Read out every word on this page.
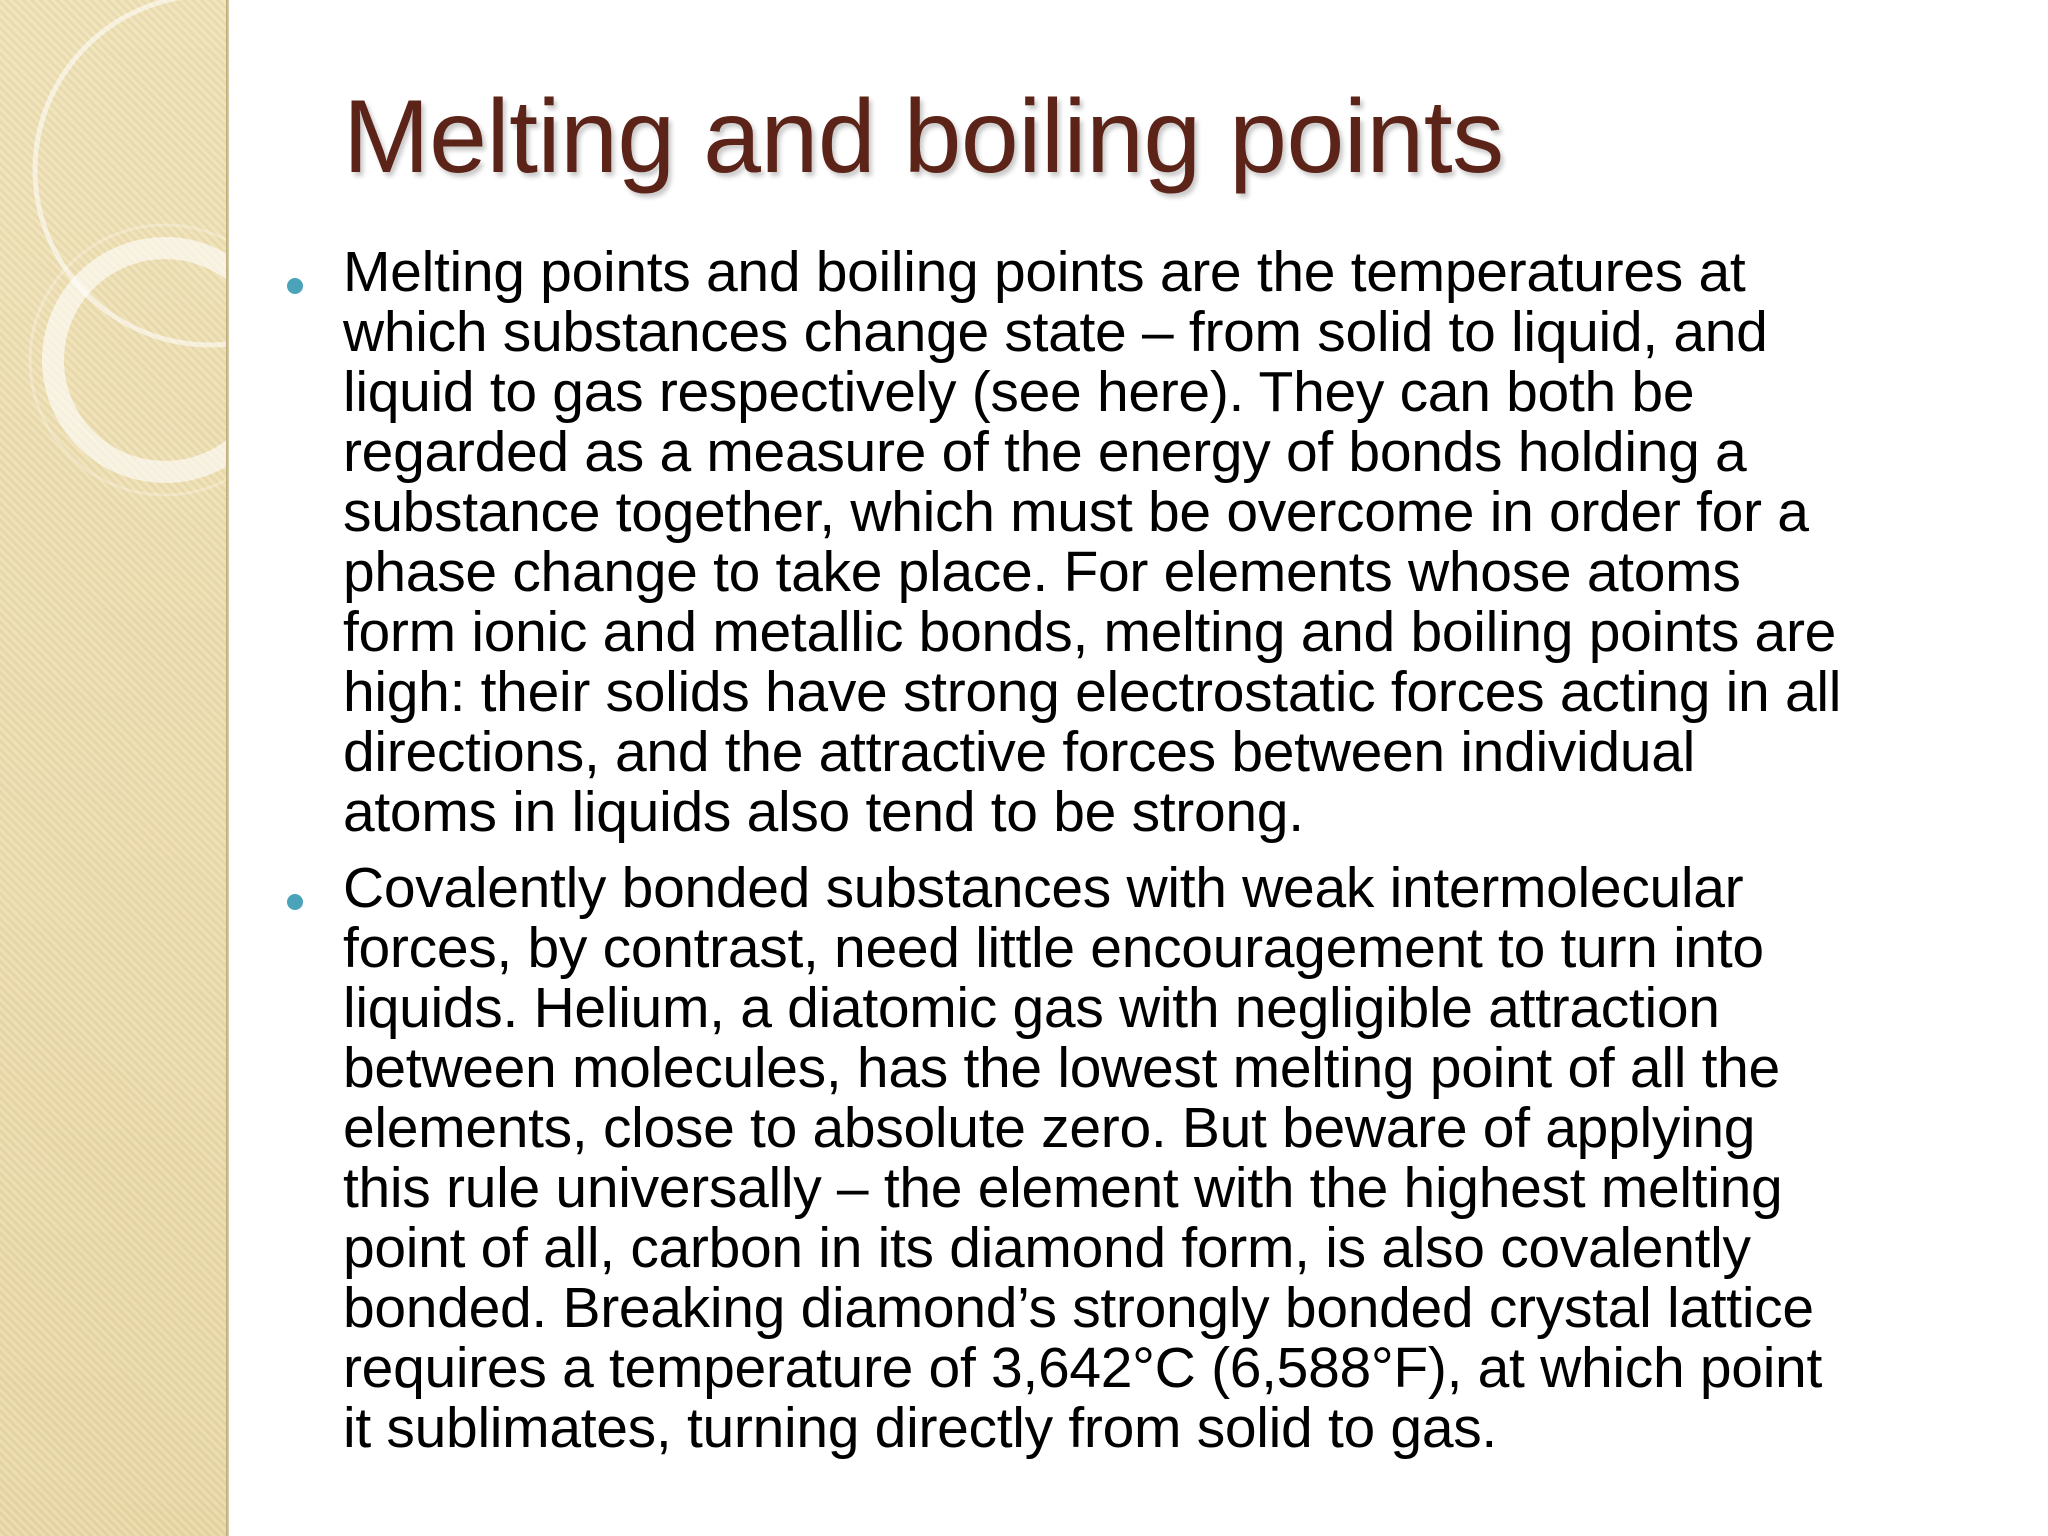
Melting and boiling points
Melting points and boiling points are the temperatures at
which substances change state – from solid to liquid, and
liquid to gas respectively (see here). They can both be
regarded as a measure of the energy of bonds holding a
substance together, which must be overcome in order for a
phase change to take place. For elements whose atoms
form ionic and metallic bonds, melting and boiling points are
high: their solids have strong electrostatic forces acting in all
directions, and the attractive forces between individual
atoms in liquids also tend to be strong.
Covalently bonded substances with weak intermolecular
forces, by contrast, need little encouragement to turn into
liquids. Helium, a diatomic gas with negligible attraction
between molecules, has the lowest melting point of all the
elements, close to absolute zero. But beware of applying
this rule universally – the element with the highest melting
point of all, carbon in its diamond form, is also covalently
bonded. Breaking diamond’s strongly bonded crystal lattice
requires a temperature of 3,642°C (6,588°F), at which point
it sublimates, turning directly from solid to gas.
